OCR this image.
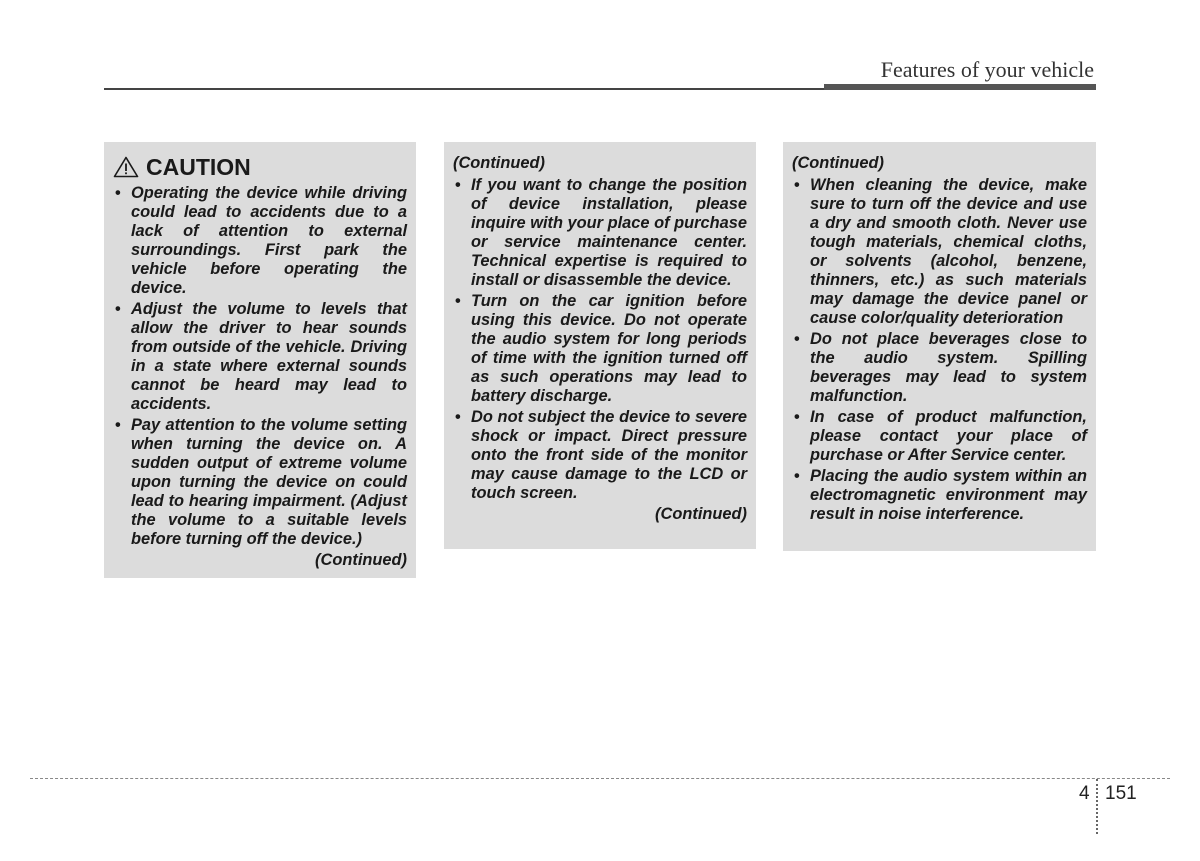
Features of your vehicle
CAUTION
• Operating the device while driving could lead to accidents due to a lack of attention to external surroundings. First park the vehicle before operating the device.
• Adjust the volume to levels that allow the driver to hear sounds from outside of the vehicle. Driving in a state where external sounds cannot be heard may lead to accidents.
• Pay attention to the volume setting when turning the device on. A sudden output of extreme volume upon turning the device on could lead to hearing impairment. (Adjust the volume to a suitable levels before turning off the device.)
(Continued)
(Continued)
• If you want to change the position of device installation, please inquire with your place of purchase or service maintenance center. Technical expertise is required to install or disassemble the device.
• Turn on the car ignition before using this device. Do not operate the audio system for long periods of time with the ignition turned off as such operations may lead to battery discharge.
• Do not subject the device to severe shock or impact. Direct pressure onto the front side of the monitor may cause damage to the LCD or touch screen.
(Continued)
(Continued)
• When cleaning the device, make sure to turn off the device and use a dry and smooth cloth. Never use tough materials, chemical cloths, or solvents (alcohol, benzene, thinners, etc.) as such materials may damage the device panel or cause color/quality deterioration
• Do not place beverages close to the audio system. Spilling beverages may lead to system malfunction.
• In case of product malfunction, please contact your place of purchase or After Service center.
• Placing the audio system within an electromagnetic environment may result in noise interference.
4 151
